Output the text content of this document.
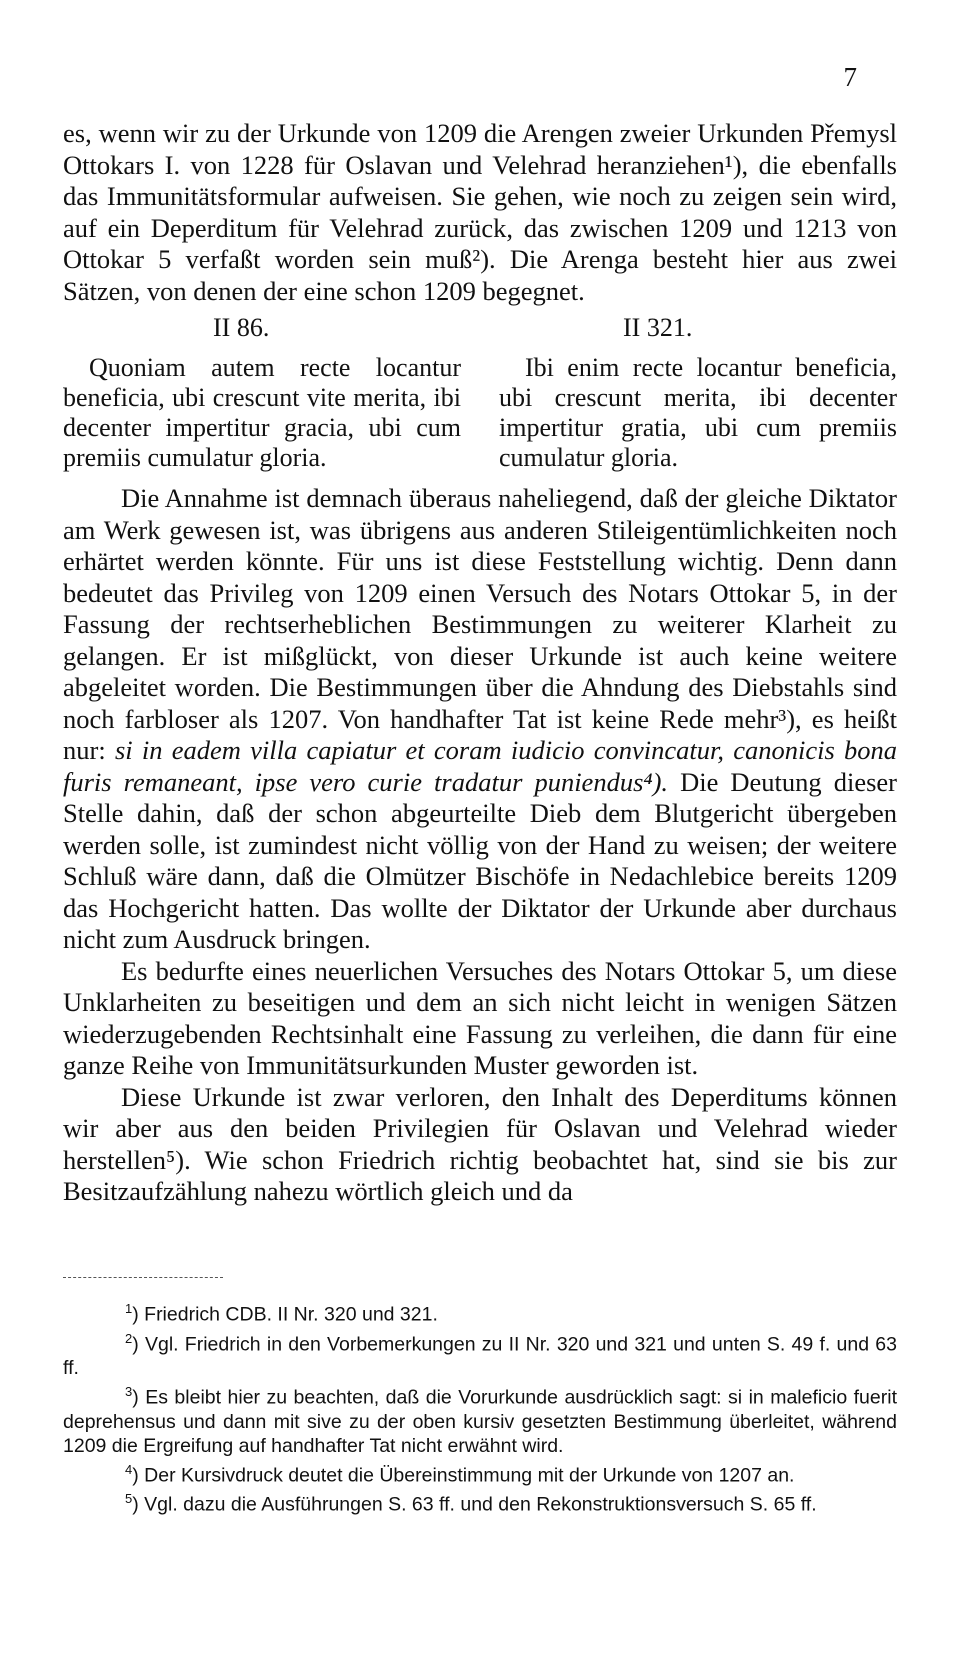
7

es, wenn wir zu der Urkunde von 1209 die Arengen zweier Urkunden Přemysl Ottokars I. von 1228 für Oslavan und Velehrad heranziehen¹), die ebenfalls das Immunitätsformular aufweisen. Sie gehen, wie noch zu zeigen sein wird, auf ein Deperditum für Velehrad zurück, das zwischen 1209 und 1213 von Ottokar 5 verfaßt worden sein muß²). Die Arenga besteht hier aus zwei Sätzen, von denen der eine schon 1209 begegnet.

II 86.	II 321.

Quoniam autem recte locantur beneficia, ubi crescunt vite merita, ibi decenter impertitur gracia, ubi cum premiis cumulatur gloria.

Ibi enim recte locantur beneficia, ubi crescunt merita, ibi decenter impertitur gratia, ubi cum premiis cumulatur gloria.

Die Annahme ist demnach überaus naheliegend, daß der gleiche Diktator am Werk gewesen ist, was übrigens aus anderen Stileigentümlichkeiten noch erhärtet werden könnte. Für uns ist diese Feststellung wichtig. Denn dann bedeutet das Privileg von 1209 einen Versuch des Notars Ottokar 5, in der Fassung der rechtserheblichen Bestimmungen zu weiterer Klarheit zu gelangen. Er ist mißglückt, von dieser Urkunde ist auch keine weitere abgeleitet worden. Die Bestimmungen über die Ahndung des Diebstahls sind noch farbloser als 1207. Von handhafter Tat ist keine Rede mehr³), es heißt nur: si in eadem villa capiatur et coram iudicio convincatur, canonicis bona furis remaneant, ipse vero curie tradatur puniendus⁴). Die Deutung dieser Stelle dahin, daß der schon abgeurteilte Dieb dem Blutgericht übergeben werden solle, ist zumindest nicht völlig von der Hand zu weisen; der weitere Schluß wäre dann, daß die Olmützer Bischöfe in Nedachlebice bereits 1209 das Hochgericht hatten. Das wollte der Diktator der Urkunde aber durchaus nicht zum Ausdruck bringen.

Es bedurfte eines neuerlichen Versuches des Notars Ottokar 5, um diese Unklarheiten zu beseitigen und dem an sich nicht leicht in wenigen Sätzen wiederzugebenden Rechtsinhalt eine Fassung zu verleihen, die dann für eine ganze Reihe von Immunitätsurkunden Muster geworden ist.

Diese Urkunde ist zwar verloren, den Inhalt des Deperditums können wir aber aus den beiden Privilegien für Oslavan und Velehrad wieder herstellen⁵). Wie schon Friedrich richtig beobachtet hat, sind sie bis zur Besitzaufzählung nahezu wörtlich gleich und da

$^1$) Friedrich CDB. II Nr. 320 und 321.

$^2$) Vgl. Friedrich in den Vorbemerkungen zu II Nr. 320 und 321 und unten S. 49 f. und 63 ff.

$^3$) Es bleibt hier zu beachten, daß die Vorurkunde ausdrücklich sagt: si in maleficio fuerit deprehensus und dann mit sive zu der oben kursiv gesetzten Bestimmung überleitet, während 1209 die Ergreifung auf handhafter Tat nicht erwähnt wird.

$^4$) Der Kursivdruck deutet die Übereinstimmung mit der Urkunde von 1207 an.

$^5$) Vgl. dazu die Ausführungen S. 63 ff. und den Rekonstruktionsversuch S. 65 ff.
